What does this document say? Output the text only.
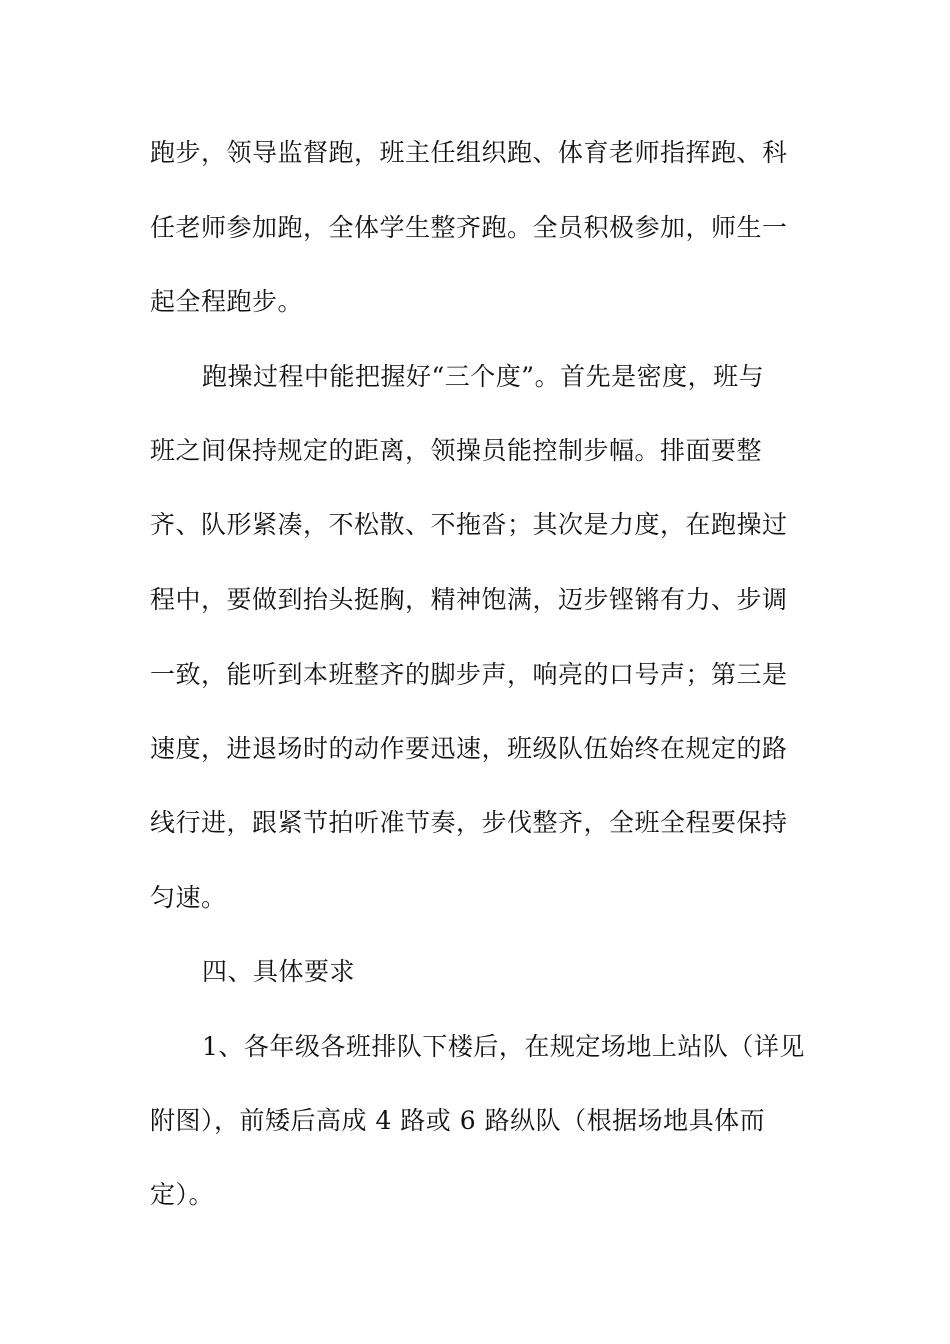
跑步，领导监督跑，班主任组织跑、体育老师指挥跑、科
任老师参加跑，全体学生整齐跑。全员积极参加，师生一
起全程跑步。
跑操过程中能把握好“三个度”。首先是密度，班与
班之间保持规定的距离，领操员能控制步幅。排面要整
齐、队形紧凑，不松散、不拖沓；其次是力度，在跑操过
程中，要做到抬头挺胸，精神饱满，迈步铿锵有力、步调
一致，能听到本班整齐的脚步声，响亮的口号声；第三是
速度，进退场时的动作要迅速，班级队伍始终在规定的路
线行进，跟紧节拍听准节奏，步伐整齐，全班全程要保持
匀速。
四、具体要求
1、各年级各班排队下楼后，在规定场地上站队（详见
附图），前矮后高成 4 路或 6 路纵队（根据场地具体而
定）。
